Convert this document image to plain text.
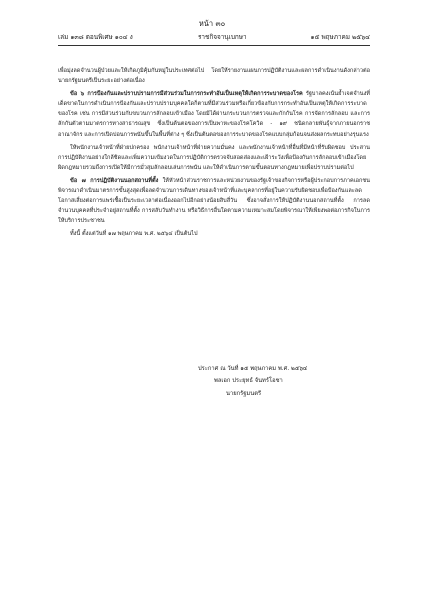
หน้า ๓๐
เล่ม ๑๓๘ ตอนพิเศษ ๑๐๔ ง	ราชกิจจานุเบกษา	๑๕ พฤษภาคม ๒๕๖๔

เพื่อมุ่งลดจำนวนผู้ป่วยและให้เกิดภูมิคุ้มกันหมู่ในประเทศต่อไป โดยให้รายงานแผนการปฏิบัติงานและผลการดำเนินงานดังกล่าวต่อนายกรัฐมนตรีเป็นระยะอย่างต่อเนื่อง

ข้อ ๖ การป้องกันและปราบปรามการมีส่วนร่วมในการกระทำอันเป็นเหตุให้เกิดการระบาดของโรค รัฐบาลคงเน้นย้ำเจตจำนงที่เด็ดขาดในการดำเนินการป้องกันและปราบปรามบุคคลใดก็ตามที่มีส่วนร่วมหรือเกี่ยวข้องกับการกระทำอันเป็นเหตุให้เกิดการระบาดของโรค เช่น การมีส่วนร่วมกับขบวนการลักลอบเข้าเมือง โดยมิได้ผ่านกระบวนการตรวจและกักกันโรค การจัดการลักลอบ และการลักกันตัวตามมาตรการทางสาธารณสุข ซึ่งเป็นต้นตอของการเป็นพาหะของโรคโควิด - ๑๙ ชนิดกลายพันธุ์จากภายนอกราชอาณาจักร และการเปิดบ่อนการพนันขึ้นในพื้นที่ต่าง ๆ ซึ่งเป็นต้นตอของการระบาดของโรคแบบกลุ่มก้อนจนส่งผลกระทบอย่างรุนแรง

ให้พนักงานเจ้าหน้าที่ฝ่ายปกครอง พนักงานเจ้าหน้าที่ฝ่ายความมั่นคง และพนักงานเจ้าหน้าที่อื่นที่มีหน้าที่รับผิดชอบ ประสานการปฏิบัติงานอย่างใกล้ชิดและเพิ่มความเข้มงวดในการปฏิบัติการตรวจจับสอดส่องและเฝ้าระวังเพื่อป้องกันการลักลอบเข้าเมืองโดยผิดกฎหมายรวมถึงการเปิดให้มีการมั่วสุมลักลอบเล่นการพนัน และให้ดำเนินการตามขั้นตอนทางกฎหมายเพื่อปราบปรามต่อไป

ข้อ ๗ การปฏิบัติงานนอกสถานที่ตั้ง ให้หัวหน้าส่วนราชการและหน่วยงานของรัฐเจ้าของกิจการหรือผู้ประกอบการภาคเอกชน พิจารณาดำเนินมาตรการขั้นสูงสุดเพื่อลดจำนวนการเดินทางของเจ้าหน้าที่และบุคลากรที่อยู่ในความรับผิดชอบเพื่อป้องกันและลดโอกาสเสี่ยงต่อการแพร่เชื้อเป็นระยะเวลาต่อเนื่องออกไปอีกอย่างน้อยสิบสี่วัน ซึ่งอาจสั่งการให้ปฏิบัติงานนอกสถานที่ตั้ง การลดจำนวนบุคคลที่ประจำอยู่สถานที่ตั้ง การสลับวันทำงาน หรือวิธีการอื่นใดตามความเหมาะสมโดยพิจารณาให้เพียงพอต่อภารกิจในการให้บริการประชาชน

ทั้งนี้ ตั้งแต่วันที่ ๑๗ พฤษภาคม พ.ศ. ๒๕๖๔ เป็นต้นไป

ประกาศ ณ วันที่ ๑๕ พฤษภาคม พ.ศ. ๒๕๖๔
พลเอก ประยุทธ์ จันทร์โอชา
นายกรัฐมนตรี
